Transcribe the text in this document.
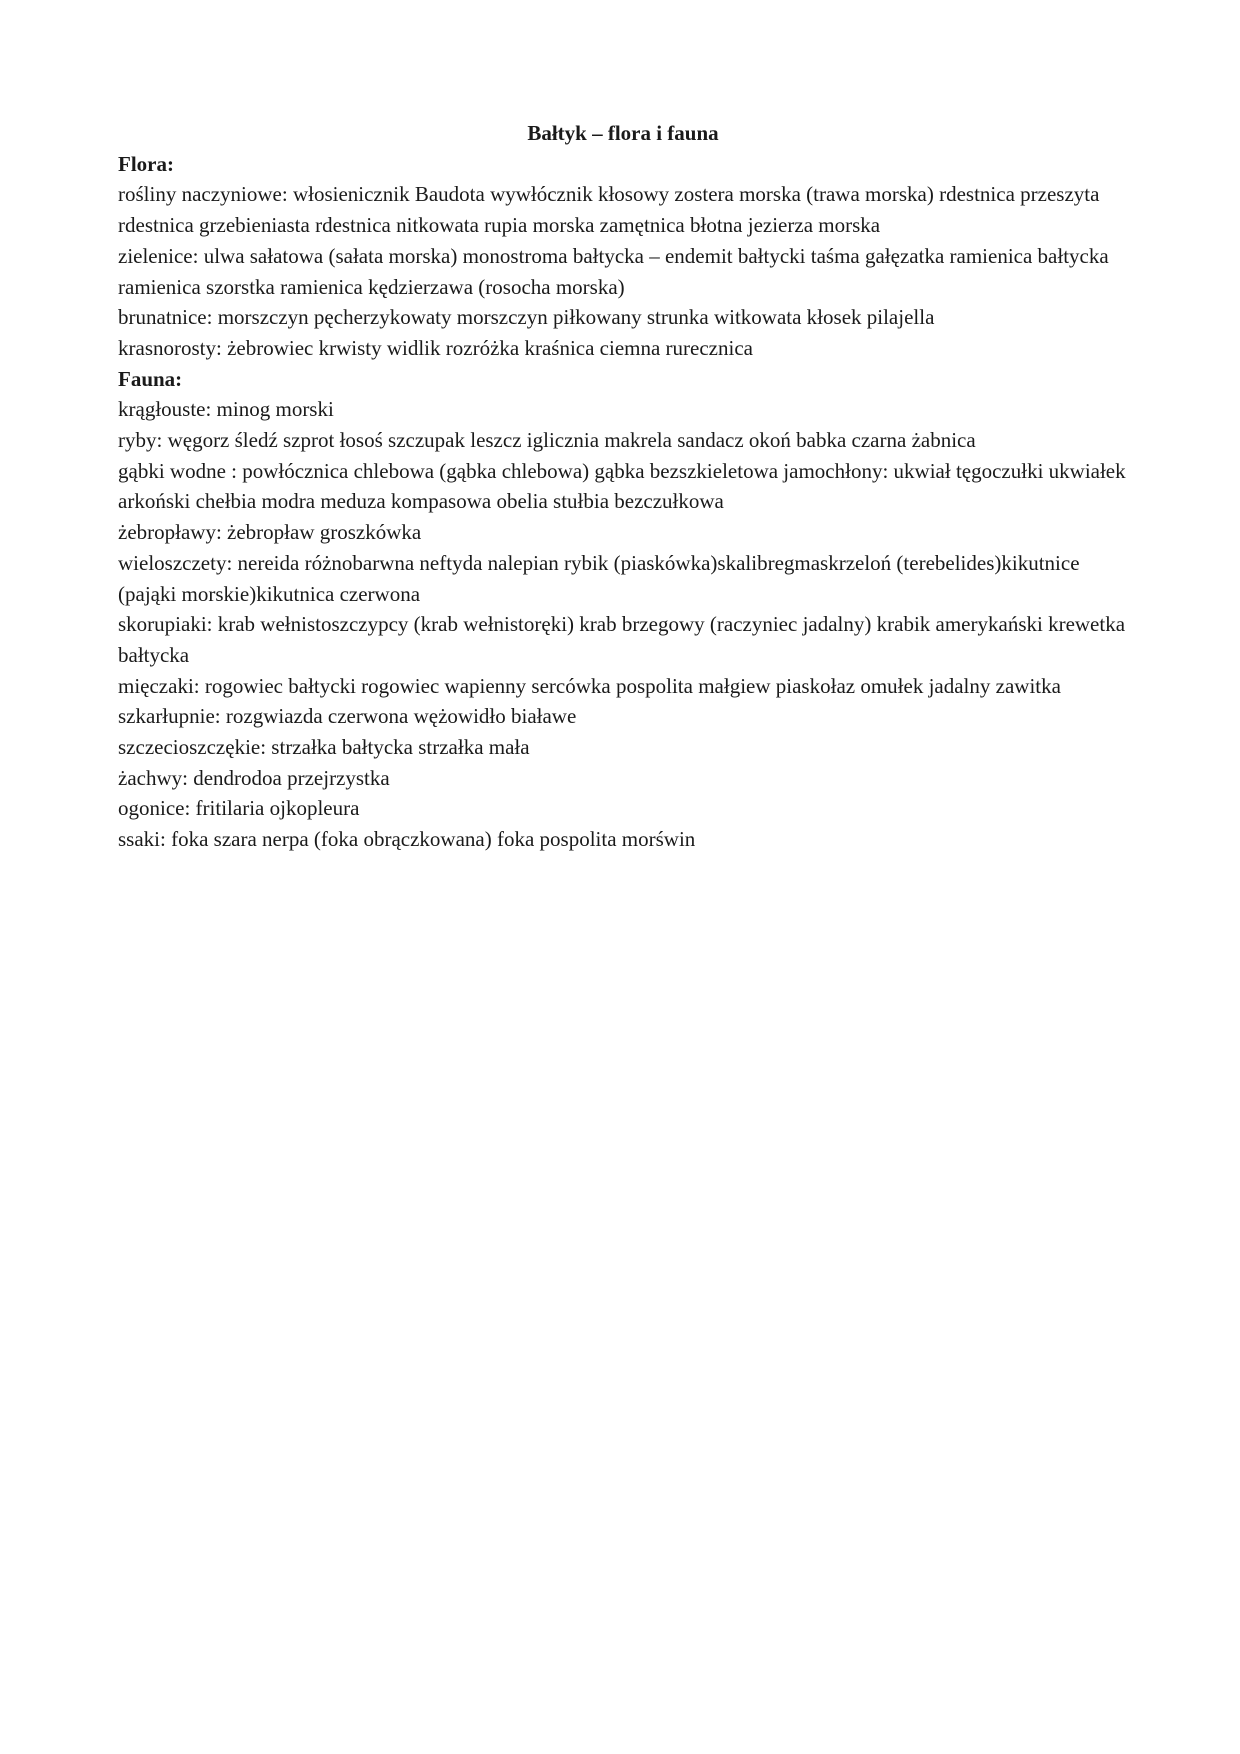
Bałtyk – flora i fauna
Flora:

rośliny naczyniowe: włosienicznik Baudota wywłócznik kłosowy zostera morska (trawa morska) rdestnica przeszyta rdestnica grzebieniasta rdestnica nitkowata rupia morska zamętnica błotna jezierza morska

zielenice: ulwa sałatowa (sałata morska) monostroma bałtycka – endemit bałtycki taśma gałęzatka ramienica bałtycka ramienica szorstka ramienica kędzierzawa (rosocha morska)

brunatnice: morszczyn pęcherzykowaty morszczyn piłkowany strunka witkowata kłosek pilajella

krasnorosty: żebrowiec krwisty widlik rozróżka kraśnica ciemna rurecznica

Fauna:

krągłouste: minog morski

ryby: węgorz śledź szprot łosoś szczupak leszcz iglicznia makrela sandacz okoń babka czarna żabnica

gąbki wodne : powłócznica chlebowa (gąbka chlebowa) gąbka bezszkieletowa jamochłony: ukwiał tęgoczułki ukwiałek arkoński chełbia modra meduza kompasowa obelia stułbia bezczułkowa

żebropławy: żebropław groszkówka

wieloszczety: nereida różnobarwna neftyda nalepian rybik (piaskówka)skalibregmaskrzeloń (terebelides)kikutnice (pająki morskie)kikutnica czerwona

skorupiaki: krab wełnistoszczypcy (krab wełnistoręki) krab brzegowy (raczyniec jadalny) krabik amerykański krewetka bałtycka

mięczaki: rogowiec bałtycki rogowiec wapienny sercówka pospolita małgiew piaskołaz omułek jadalny zawitka

szkarłupnie: rozgwiazda czerwona wężowidło białawe

szczecioszczękie: strzałka bałtycka strzałka mała

żachwy: dendrodoa przejrzystka

ogonice: fritilaria ojkopleura

ssaki: foka szara nerpa (foka obrączkowana) foka pospolita morświn
